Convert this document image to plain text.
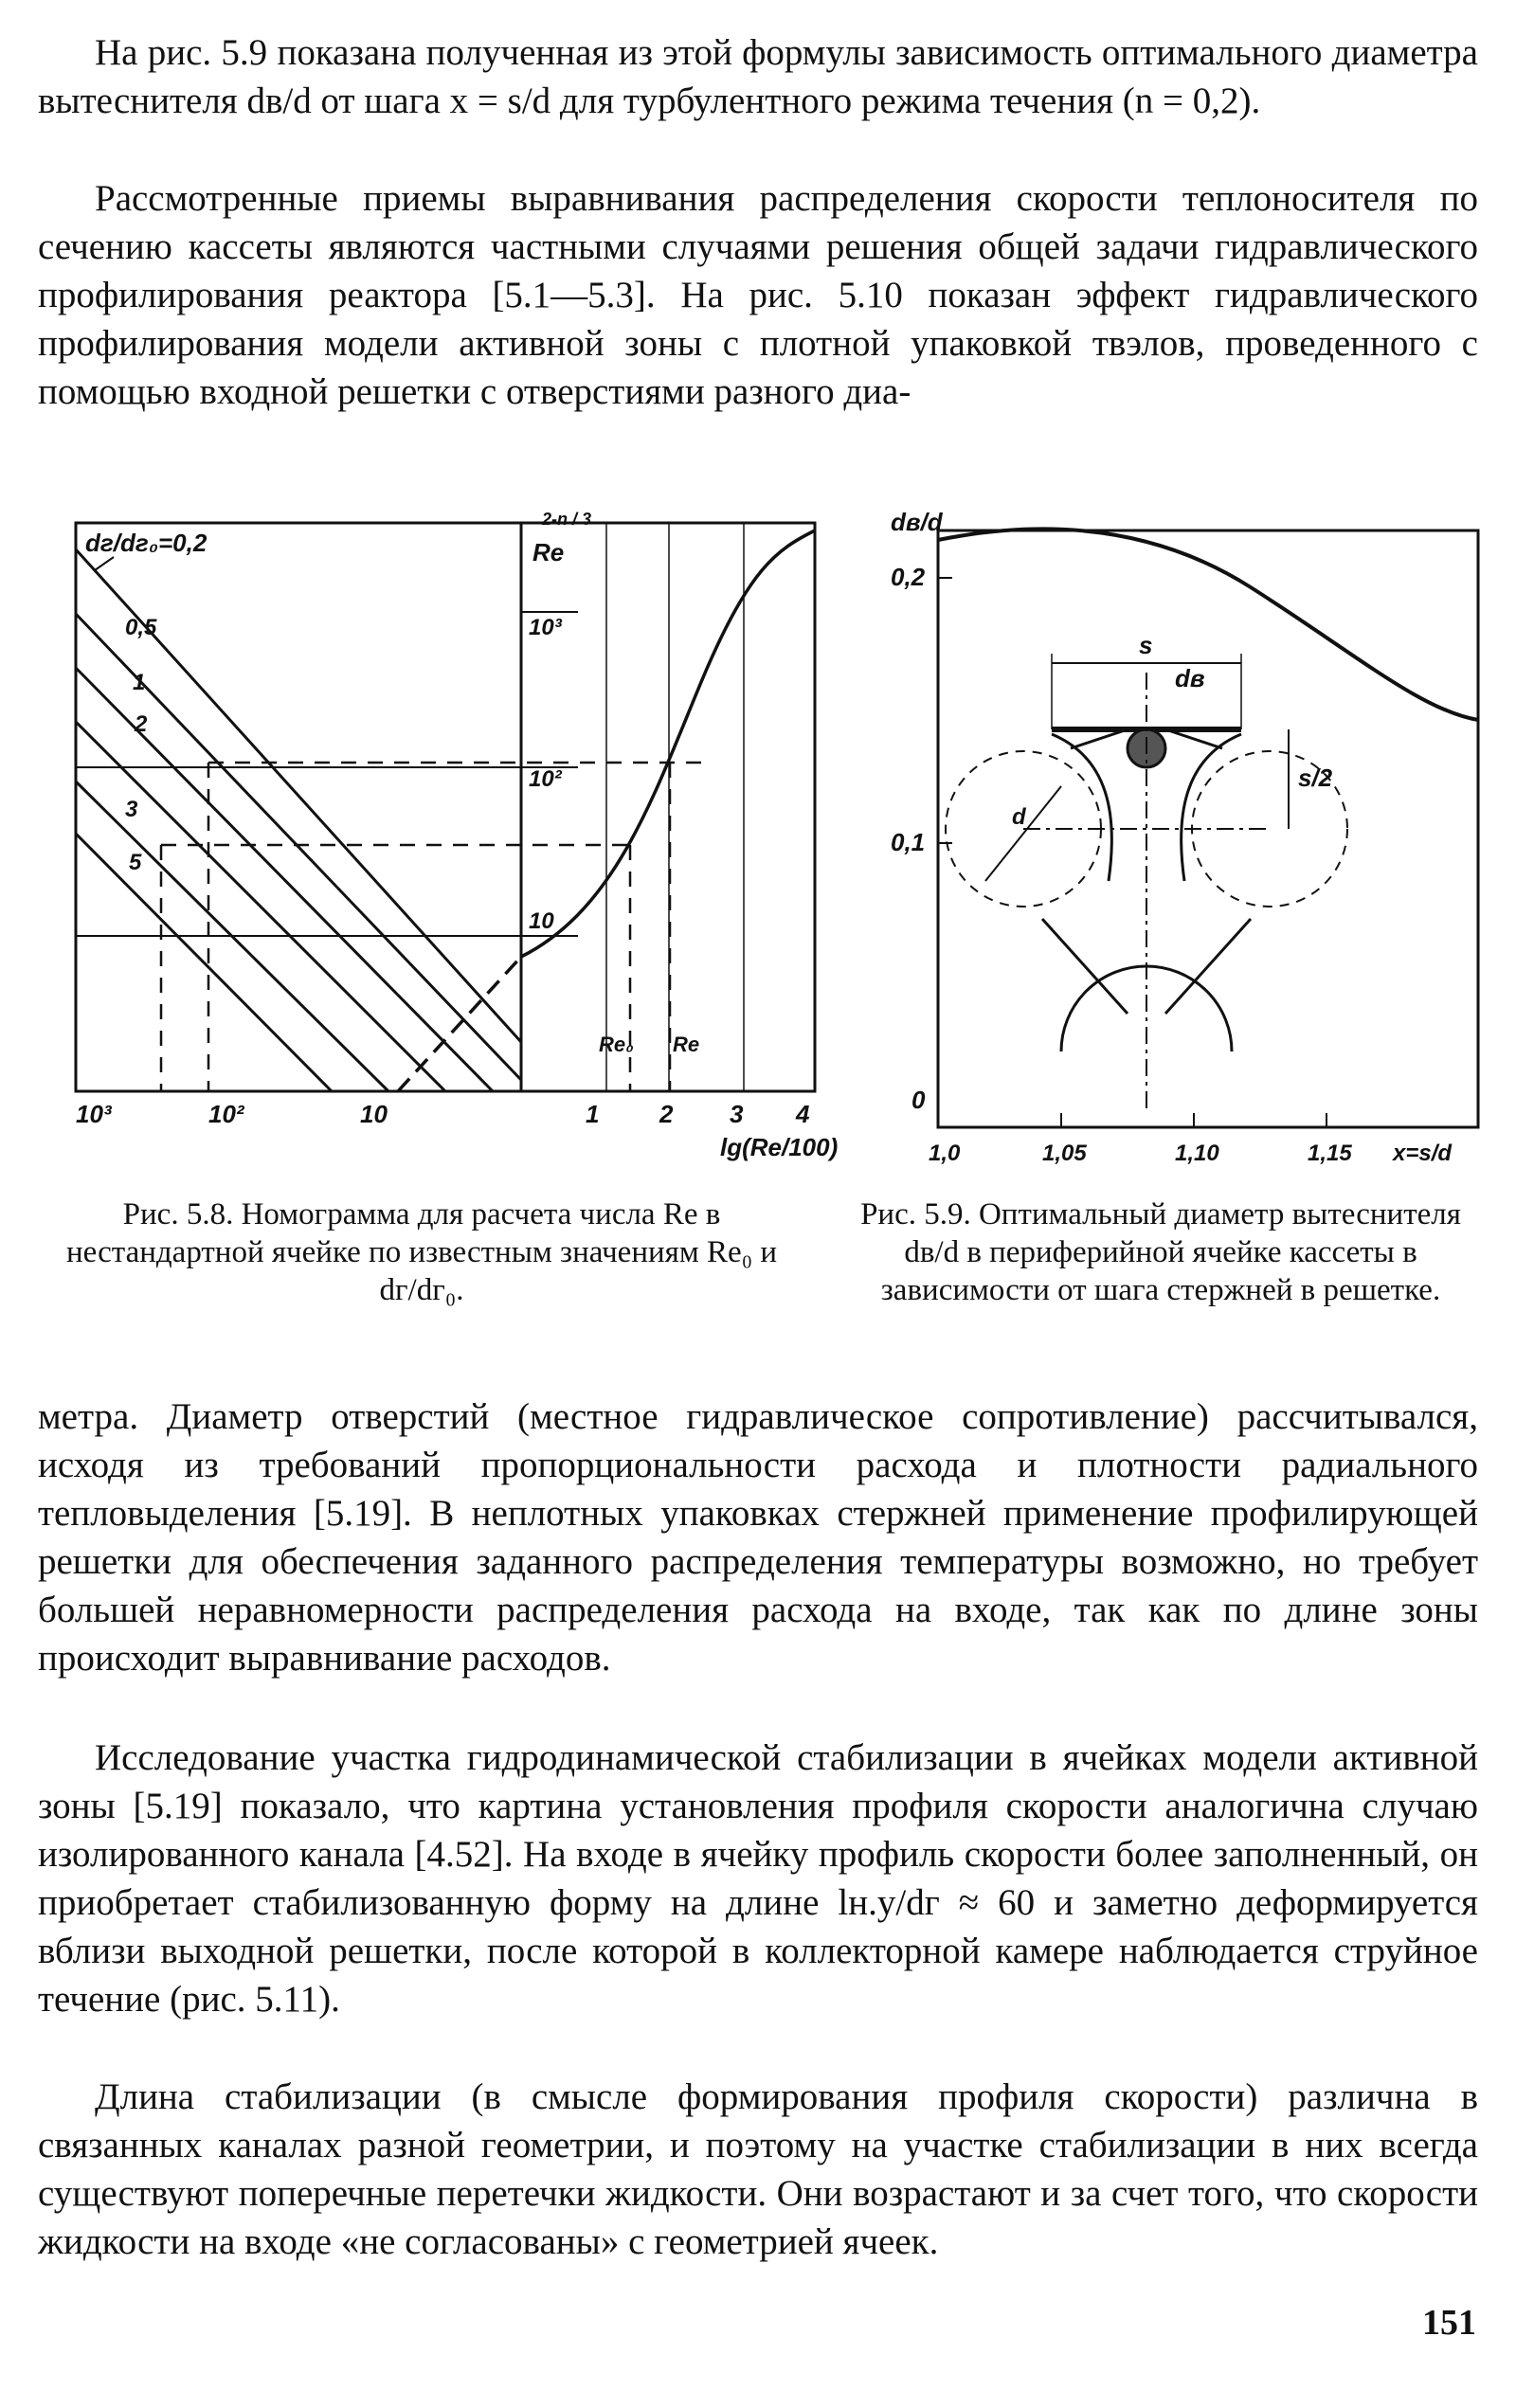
На рис. 5.9 показана полученная из этой формулы зависимость оптимального диаметра вытеснителя dв/d от шага x = s/d для турбулентного режима течения (n = 0,2).

Рассмотренные приемы выравнивания распределения скорости теплоносителя по сечению кассеты являются частными случаями решения общей задачи гидравлического профилирования реактора [5.1—5.3]. На рис. 5.10 показан эффект гидравлического профилирования модели активной зоны с плотной упаковкой твэлов, проведенного с помощью входной решетки с отверстиями разного диа-

dг/dг₀=0,2
0,5
1
2
3
5
Re
2-n / 3
10³
10²
10
Re₀ Re
10³	10²	10	1 2 3 4
lg(Re/100)
s
dв
s/2
d
dв/d
0,2
0,1
0
1,0	1,05	1,10	1,15 x=s/d

Рис. 5.8. Номограмма для расчета числа Re в нестандартной ячейке по известным значениям Re₀ и dг/dг₀.

Рис. 5.9. Оптимальный диаметр вытеснителя dв/d в периферийной ячейке кассеты в зависимости от шага стержней в решетке.

метра. Диаметр отверстий (местное гидравлическое сопротивление) рассчитывался, исходя из требований пропорциональности расхода и плотности радиального тепловыделения [5.19]. В неплотных упаковках стержней применение профилирующей решетки для обеспечения заданного распределения температуры возможно, но требует большей неравномерности распределения расхода на входе, так как по длине зоны происходит выравнивание расходов.

Исследование участка гидродинамической стабилизации в ячейках модели активной зоны [5.19] показало, что картина установления профиля скорости аналогична случаю изолированного канала [4.52]. На входе в ячейку профиль скорости более заполненный, он приобретает стабилизованную форму на длине lн.у/dг ≈ 60 и заметно деформируется вблизи выходной решетки, после которой в коллекторной камере наблюдается струйное течение (рис. 5.11).

Длина стабилизации (в смысле формирования профиля скорости) различна в связанных каналах разной геометрии, и поэтому на участке стабилизации в них всегда существуют поперечные перетечки жидкости. Они возрастают и за счет того, что скорости жидкости на входе «не согласованы» с геометрией ячеек.

151
